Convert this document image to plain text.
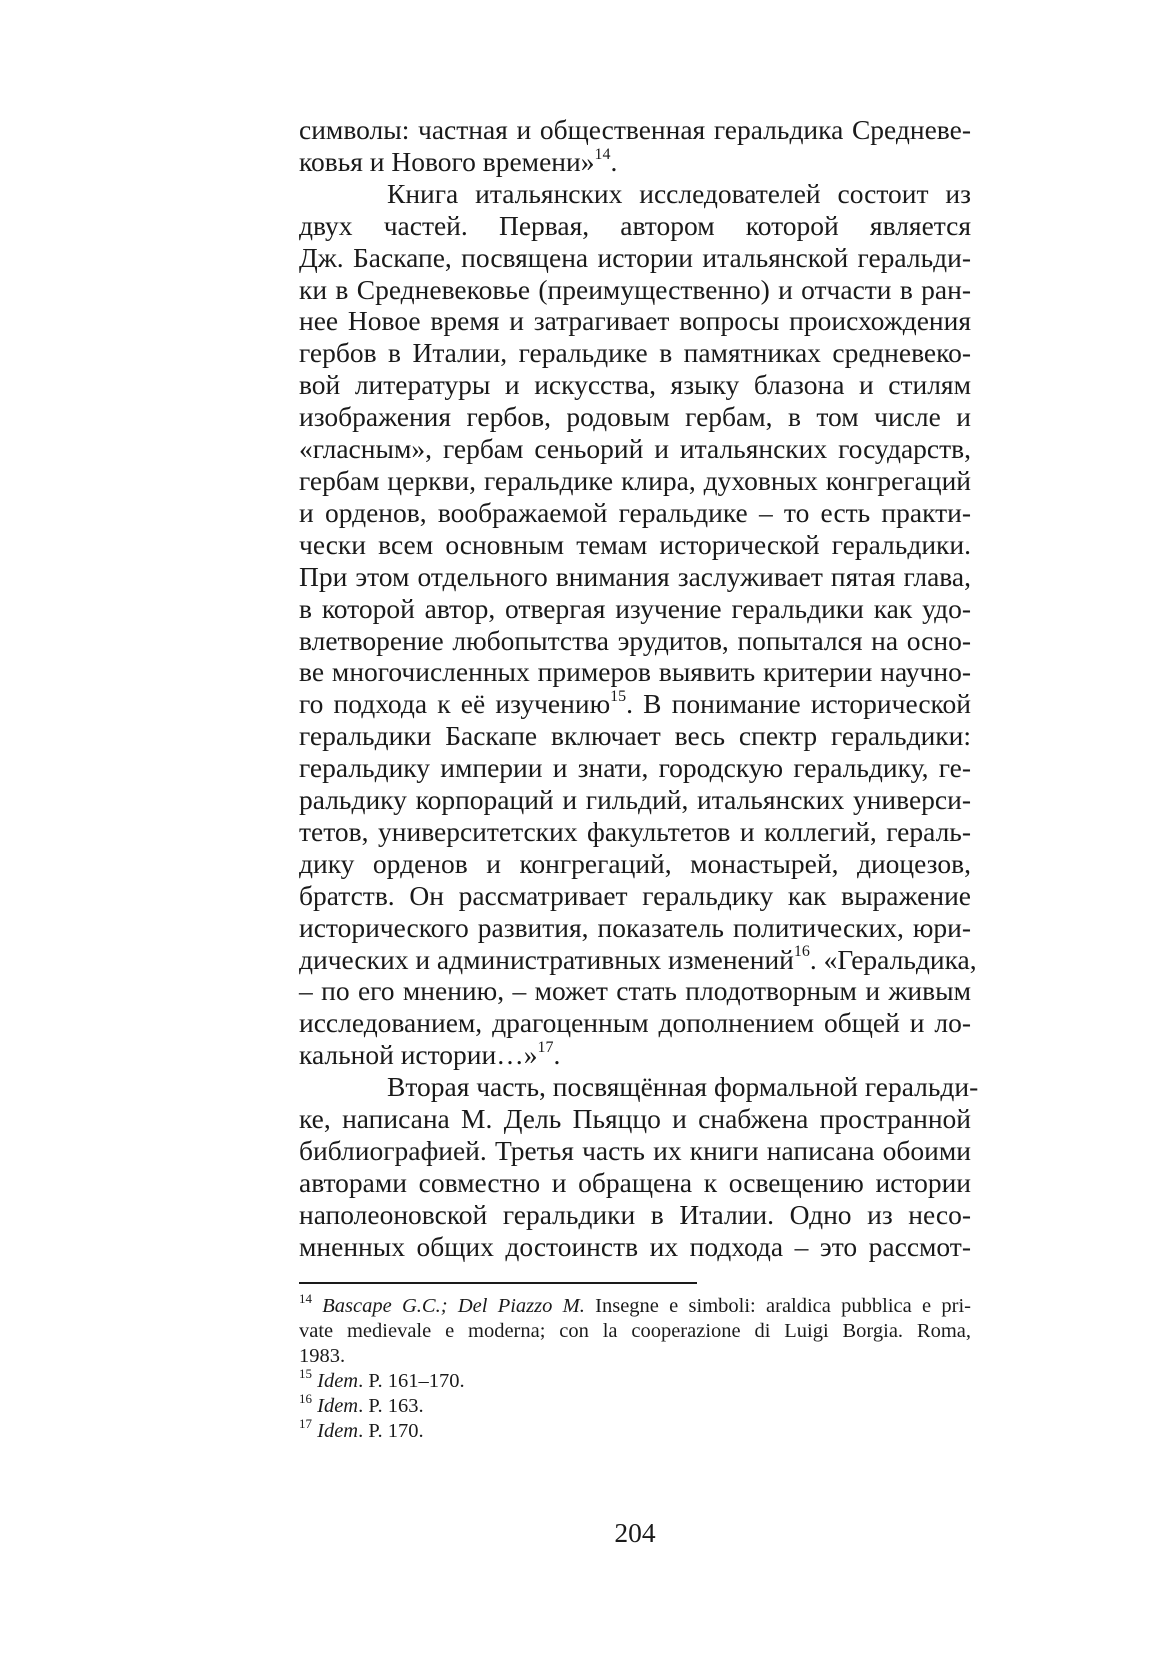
символы: частная и общественная геральдика Средневе-
ковья и Нового времени»$^{14}$.

Книга итальянских исследователей состоит из
двух частей. Первая, автором которой является
Дж. Баскапе, посвящена истории итальянской геральди-
ки в Средневековье (преимущественно) и отчасти в ран-
нее Новое время и затрагивает вопросы происхождения
гербов в Италии, геральдике в памятниках средневеко-
вой литературы и искусства, языку блазона и стилям
изображения гербов, родовым гербам, в том числе и
«гласным», гербам сеньорий и итальянских государств,
гербам церкви, геральдике клира, духовных конгрегаций
и орденов, воображаемой геральдике – то есть практи-
чески всем основным темам исторической геральдики.
При этом отдельного внимания заслуживает пятая глава,
в которой автор, отвергая изучение геральдики как удо-
влетворение любопытства эрудитов, попытался на осно-
ве многочисленных примеров выявить критерии научно-
го подхода к её изучению$^{15}$. В понимание исторической
геральдики Баскапе включает весь спектр геральдики:
геральдику империи и знати, городскую геральдику, ге-
ральдику корпораций и гильдий, итальянских универси-
тетов, университетских факультетов и коллегий, гераль-
дику орденов и конгрегаций, монастырей, диоцезов,
братств. Он рассматривает геральдику как выражение
исторического развития, показатель политических, юри-
дических и административных изменений$^{16}$. «Геральдика,
– по его мнению, – может стать плодотворным и живым
исследованием, драгоценным дополнением общей и ло-
кальной истории…»$^{17}$.

Вторая часть, посвящённая формальной геральди-
ке, написана М. Дель Пьяццо и снабжена пространной
библиографией. Третья часть их книги написана обоими
авторами совместно и обращена к освещению истории
наполеоновской геральдики в Италии. Одно из несо-
мненных общих достоинств их подхода – это рассмот-

$^{14}$ Bascape G.C.; Del Piazzo M. Insegne e simboli: araldica pubblica e pri-
vate medievale e moderna; con la cooperazione di Luigi Borgia. Roma,
1983.
$^{15}$ Idem. P. 161–170.
$^{16}$ Idem. P. 163.
$^{17}$ Idem. P. 170.
204
